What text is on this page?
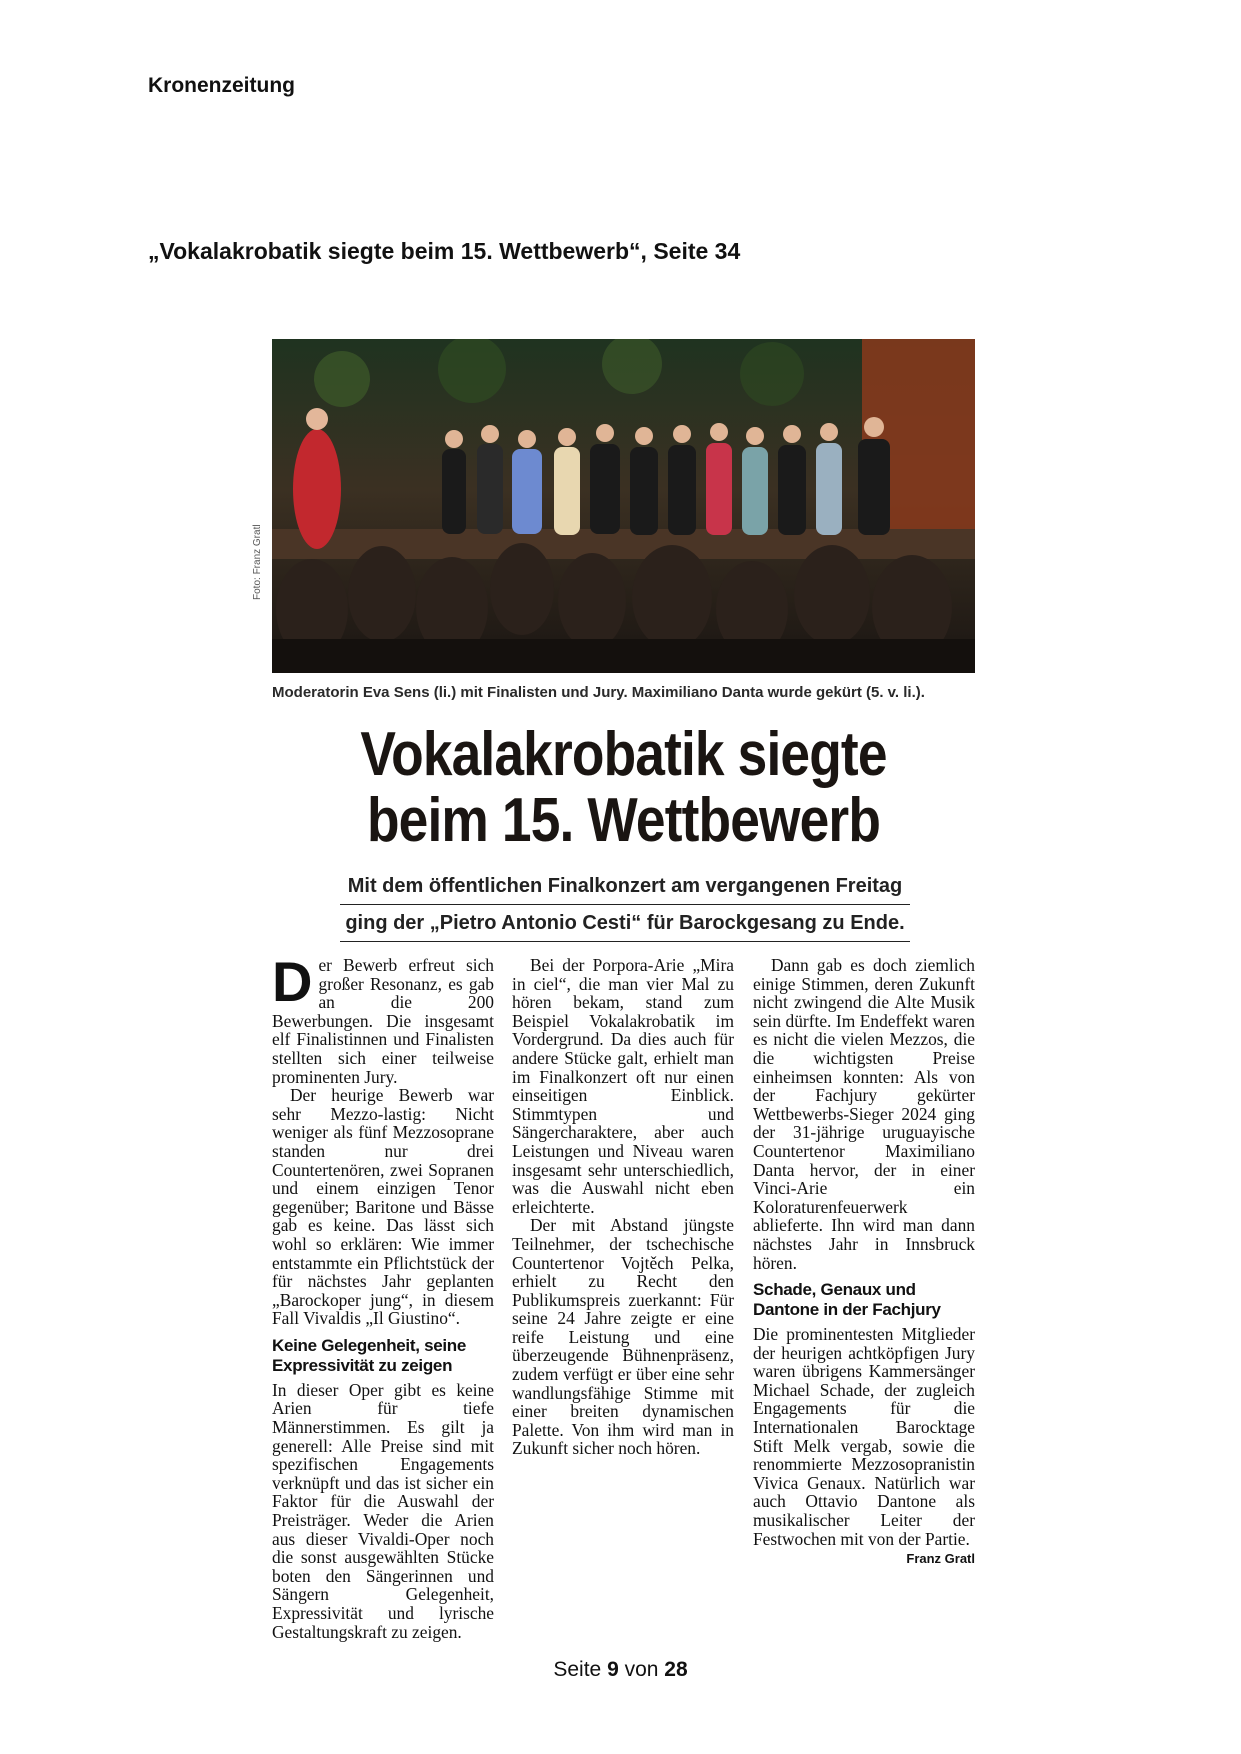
Kronenzeitung
„Vokalakrobatik siegte beim 15. Wettbewerb“, Seite 34
Foto: Franz Gratl
Moderatorin Eva Sens (li.) mit Finalisten und Jury. Maximiliano Danta wurde gekürt (5. v. li.).
Vokalakrobatik siegte
beim 15. Wettbewerb
Mit dem öffentlichen Finalkonzert am vergangenen Freitag
ging der „Pietro Antonio Cesti“ für Barockgesang zu Ende.

Der Bewerb erfreut sich großer Resonanz, es gab an die 200 Bewerbungen. Die insgesamt elf Finalistinnen und Finalisten stellten sich einer teilweise prominenten Jury.

Der heurige Bewerb war sehr Mezzo-lastig: Nicht weniger als fünf Mezzosoprane standen nur drei Countertenören, zwei Sopranen und einem einzigen Tenor gegenüber; Baritone und Bässe gab es keine. Das lässt sich wohl so erklären: Wie immer entstammte ein Pflichtstück der für nächstes Jahr geplanten „Barockoper jung“, in diesem Fall Vivaldis „Il Giustino“.

Keine Gelegenheit, seine Expressivität zu zeigen

In dieser Oper gibt es keine Arien für tiefe Männerstimmen. Es gilt ja generell: Alle Preise sind mit spezifischen Engagements verknüpft und das ist sicher ein Faktor für die Auswahl der Preisträger. Weder die Arien aus dieser Vivaldi-Oper noch die sonst ausgewählten Stücke boten den Sängerinnen und Sängern Gelegenheit, Expressivität und lyrische Gestaltungskraft zu zeigen.

Bei der Porpora-Arie „Mira in ciel“, die man vier Mal zu hören bekam, stand zum Beispiel Vokalakrobatik im Vordergrund. Da dies auch für andere Stücke galt, erhielt man im Finalkonzert oft nur einen einseitigen Einblick. Stimmtypen und Sängercharaktere, aber auch Leistungen und Niveau waren insgesamt sehr unterschiedlich, was die Auswahl nicht eben erleichterte.

Der mit Abstand jüngste Teilnehmer, der tschechische Countertenor Vojtěch Pelka, erhielt zu Recht den Publikumspreis zuerkannt: Für seine 24 Jahre zeigte er eine reife Leistung und eine überzeugende Bühnenpräsenz, zudem verfügt er über eine sehr wandlungsfähige Stimme mit einer breiten dynamischen Palette. Von ihm wird man in Zukunft sicher noch hören.

Dann gab es doch ziemlich einige Stimmen, deren Zukunft nicht zwingend die Alte Musik sein dürfte. Im Endeffekt waren es nicht die vielen Mezzos, die die wichtigsten Preise einheimsen konnten: Als von der Fachjury gekürter Wettbewerbs-Sieger 2024 ging der 31-jährige uruguayische Countertenor Maximiliano Danta hervor, der in einer Vinci-Arie ein Koloraturenfeuerwerk ablieferte. Ihn wird man dann nächstes Jahr in Innsbruck hören.

Schade, Genaux und Dantone in der Fachjury

Die prominentesten Mitglieder der heurigen achtköpfigen Jury waren übrigens Kammersänger Michael Schade, der zugleich Engagements für die Internationalen Barocktage Stift Melk vergab, sowie die renommierte Mezzosopranistin Vivica Genaux. Natürlich war auch Ottavio Dantone als musikalischer Leiter der Festwochen mit von der Partie.
Franz Gratl

Seite 9 von 28
